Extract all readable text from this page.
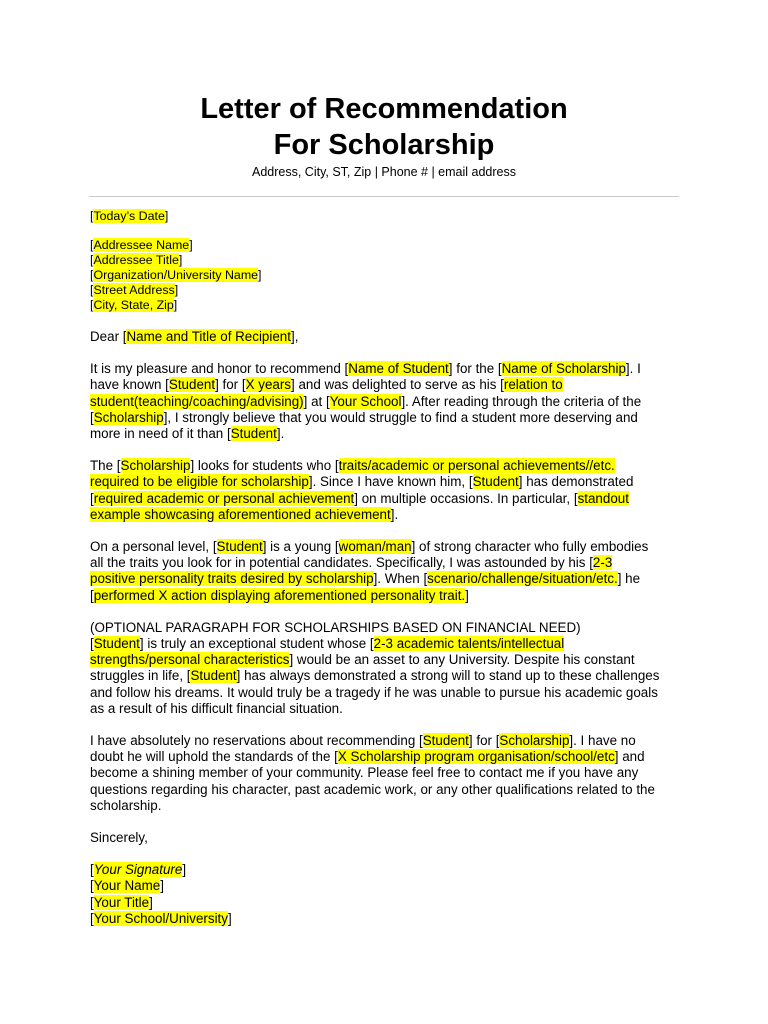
Letter of Recommendation
For Scholarship
Address, City, ST, Zip | Phone # | email address

[Today’s Date]

[Addressee Name]

[Addressee Title]

[Organization/University Name]

[Street Address]

[City, State, Zip]

Dear [Name and Title of Recipient],

It is my pleasure and honor to recommend [Name of Student] for the [Name of Scholarship]. I

have known [Student] for [X years] and was delighted to serve as his [relation to

student(teaching/coaching/advising)] at [Your School]. After reading through the criteria of the

[Scholarship], I strongly believe that you would struggle to find a student more deserving and

more in need of it than [Student].

The [Scholarship] looks for students who [traits/academic or personal achievements//etc.

required to be eligible for scholarship]. Since I have known him, [Student] has demonstrated

[required academic or personal achievement] on multiple occasions. In particular, [standout

example showcasing aforementioned achievement].

On a personal level, [Student] is a young [woman/man] of strong character who fully embodies

all the traits you look for in potential candidates. Specifically, I was astounded by his [2-3

positive personality traits desired by scholarship]. When [scenario/challenge/situation/etc.] he

[performed X action displaying aforementioned personality trait.]

(OPTIONAL PARAGRAPH FOR SCHOLARSHIPS BASED ON FINANCIAL NEED)

[Student] is truly an exceptional student whose [2-3 academic talents/intellectual

strengths/personal characteristics] would be an asset to any University. Despite his constant

struggles in life, [Student] has always demonstrated a strong will to stand up to these challenges

and follow his dreams. It would truly be a tragedy if he was unable to pursue his academic goals

as a result of his difficult financial situation.

I have absolutely no reservations about recommending [Student] for [Scholarship]. I have no

doubt he will uphold the standards of the [X Scholarship program organisation/school/etc] and

become a shining member of your community. Please feel free to contact me if you have any

questions regarding his character, past academic work, or any other qualifications related to the

scholarship.

Sincerely,

[Your Signature]

[Your Name]

[Your Title]

[Your School/University]
